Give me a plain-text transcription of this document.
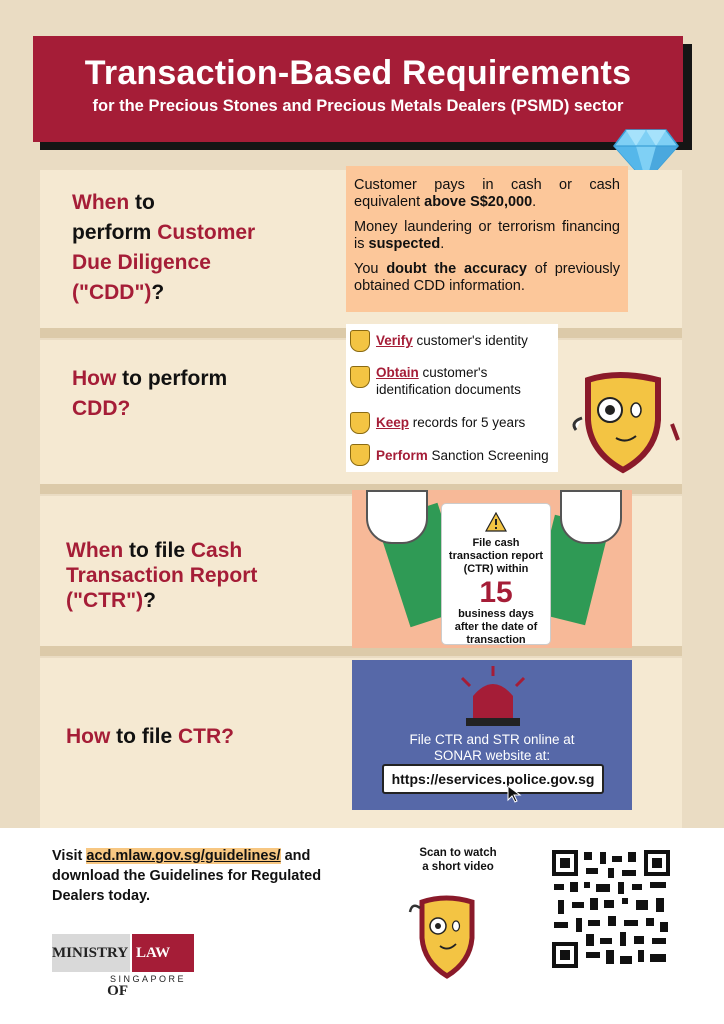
Transaction-Based Requirements
for the Precious Stones and Precious Metals Dealers (PSMD) sector
When to
perform Customer
Due Diligence
("CDD")?

Customer pays in cash or cash equivalent above S$20,000.

Money laundering or terrorism financing is suspected.

You doubt the accuracy of previously obtained CDD information.

How to perform
CDD?
Verify customer's identity
Obtain customer's identification documents
Keep records for 5 years
Perform Sanction Screening
When to file Cash
Transaction Report
("CTR")?
File cash
transaction report
(CTR) within
15
business days
after the date of
transaction
How to file CTR?	File CTR and STR online at
SONAR website at:
https://eservices.police.gov.sg
Visit acd.mlaw.gov.sg/guidelines/ and download the Guidelines for Regulated Dealers today.
Scan to watch
a short video
MINISTRY OF
LAW
SINGAPORE
